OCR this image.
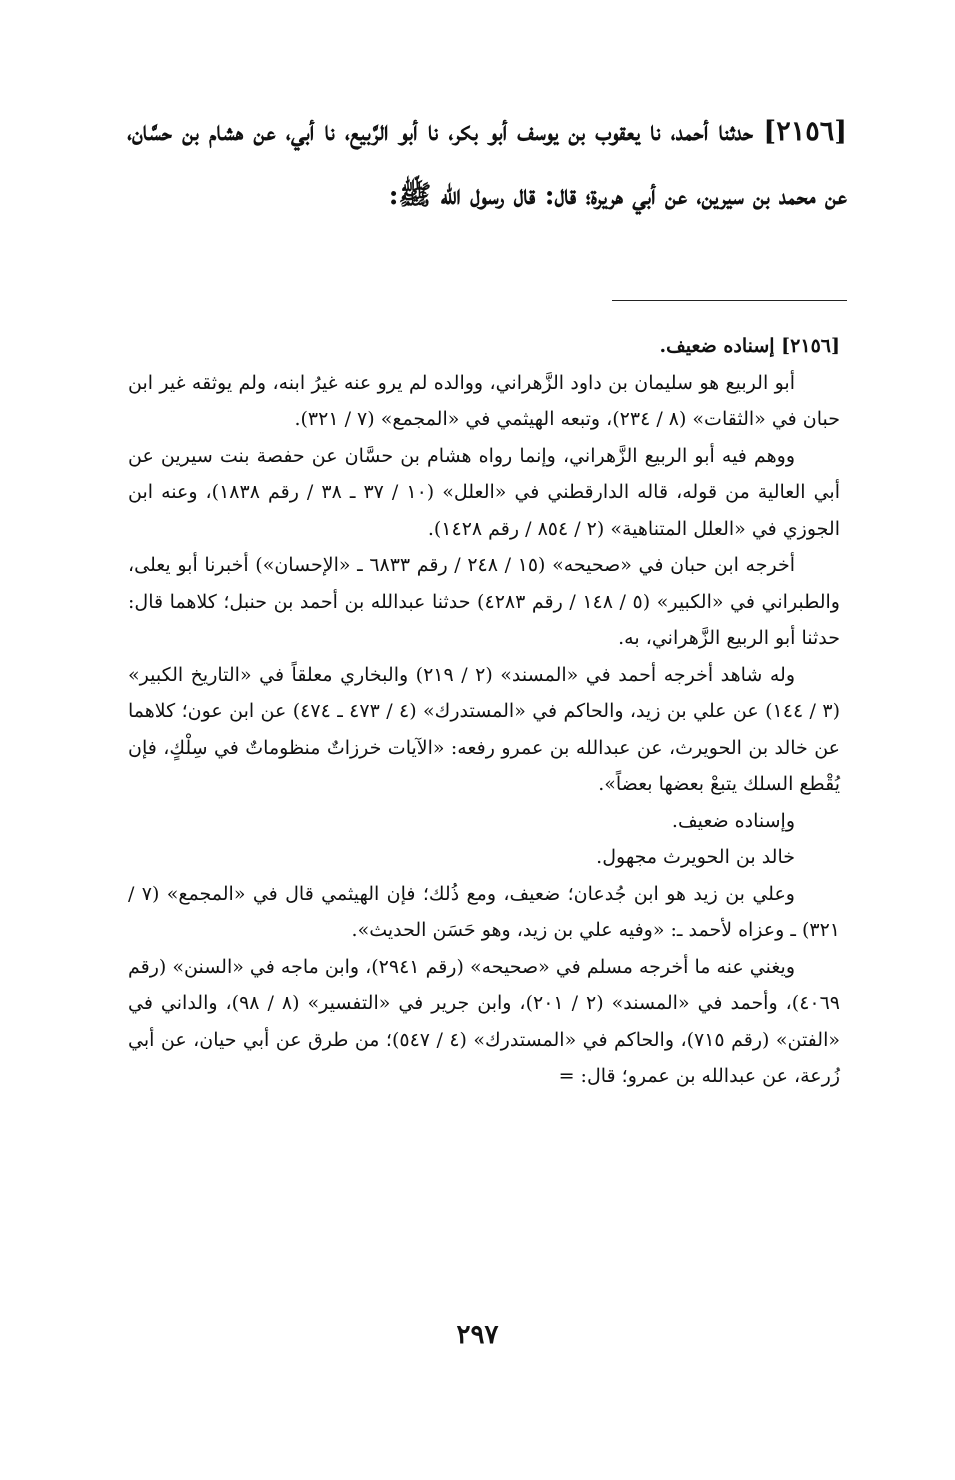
[٢١٥٦] حدثنا أحمد، نا يعقوب بن يوسف أبو بكر، نا أبو الرَّبيع، نا أبي، عن هشام بن حسَّان، عن محمد بن سيرين، عن أبي هريرة؛ قال: قال رسول الله ﷺ:

[٢١٥٦] إسناده ضعيف.

أبو الربيع هو سليمان بن داود الزَّهراني، ووالده لم يرو عنه غيرُ ابنه، ولم يوثقه غير ابن حبان في «الثقات» (٨ / ٢٣٤)، وتبعه الهيثمي في «المجمع» (٧ / ٣٢١).

ووهم فيه أبو الربيع الزَّهراني، وإنما رواه هشام بن حسَّان عن حفصة بنت سيرين عن أبي العالية من قوله، قاله الدارقطني في «العلل» (١٠ / ٣٧ ـ ٣٨ / رقم ١٨٣٨)، وعنه ابن الجوزي في «العلل المتناهية» (٢ / ٨٥٤ / رقم ١٤٢٨).

أخرجه ابن حبان في «صحيحه» (١٥ / ٢٤٨ / رقم ٦٨٣٣ ـ «الإحسان») أخبرنا أبو يعلى، والطبراني في «الكبير» (٥ / ١٤٨ / رقم ٤٢٨٣) حدثنا عبدالله بن أحمد بن حنبل؛ كلاهما قال: حدثنا أبو الربيع الزَّهراني، به.

وله شاهد أخرجه أحمد في «المسند» (٢ / ٢١٩) والبخاري معلقاً في «التاريخ الكبير» (٣ / ١٤٤) عن علي بن زيد، والحاكم في «المستدرك» (٤ / ٤٧٣ ـ ٤٧٤) عن ابن عون؛ كلاهما عن خالد بن الحويرث، عن عبدالله بن عمرو رفعه: «الآيات خرزاتٌ منظوماتٌ في سِلْكٍ، فإن يُقْطع السلك يتبعْ بعضها بعضاً».

وإسناده ضعيف.

خالد بن الحويرث مجهول.

وعلي بن زيد هو ابن جُدعان؛ ضعيف، ومع ذُلك؛ فإن الهيثمي قال في «المجمع» (٧ / ٣٢١) ـ وعزاه لأحمد ـ: «وفيه علي بن زيد، وهو حَسَن الحديث».

ويغني عنه ما أخرجه مسلم في «صحيحه» (رقم ٢٩٤١)، وابن ماجه في «السنن» (رقم ٤٠٦٩)، وأحمد في «المسند» (٢ / ٢٠١)، وابن جرير في «التفسير» (٨ / ٩٨)، والداني في «الفتن» (رقم ٧١٥)، والحاكم في «المستدرك» (٤ / ٥٤٧)؛ من طرق عن أبي حيان، عن أبي زُرعة، عن عبدالله بن عمرو؛ قال: =

٢٩٧
